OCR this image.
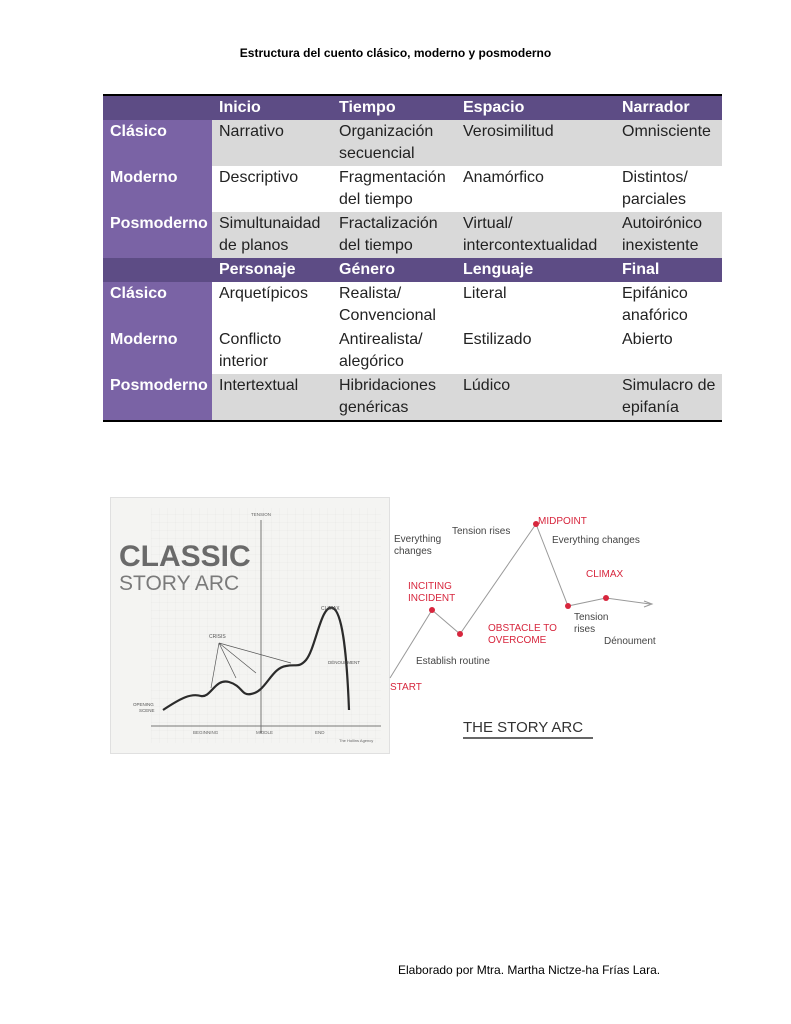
Estructura del cuento clásico, moderno y posmoderno
	Inicio	Tiempo	Espacio	Narrador
Clásico	Narrativo	Organización secuencial	Verosimilitud	Omnisciente
Moderno	Descriptivo	Fragmentación del tiempo	Anamórfico	Distintos/ parciales
Posmoderno	Simultunaidad de planos	Fractalización del tiempo	Virtual/ intercontextualidad	Autoirónico inexistente
	Personaje	Género	Lenguaje	Final
Clásico	Arquetípicos	Realista/ Convencional	Literal	Epifánico anafórico
Moderno	Conflicto interior	Antirealista/ alegórico	Estilizado	Abierto
Posmoderno	Intertextual	Hibridaciones genéricas	Lúdico	Simulacro de epifanía
CLASSIC
STORY ARC
TENSION
CRISIS
CLIMAX
DÉNOUEMENT
OPENING
SCENE
BEGINNING	MIDDLE	END
The Hollins Agency
START
Establish routine
INCITING
INCIDENT
Everything
changes
Tension rises
MIDPOINT
Everything changes
OBSTACLE TO
OVERCOME
CLIMAX
Tension
rises
Dénoument
THE STORY ARC
Elaborado por Mtra. Martha Nictze-ha Frías Lara.
